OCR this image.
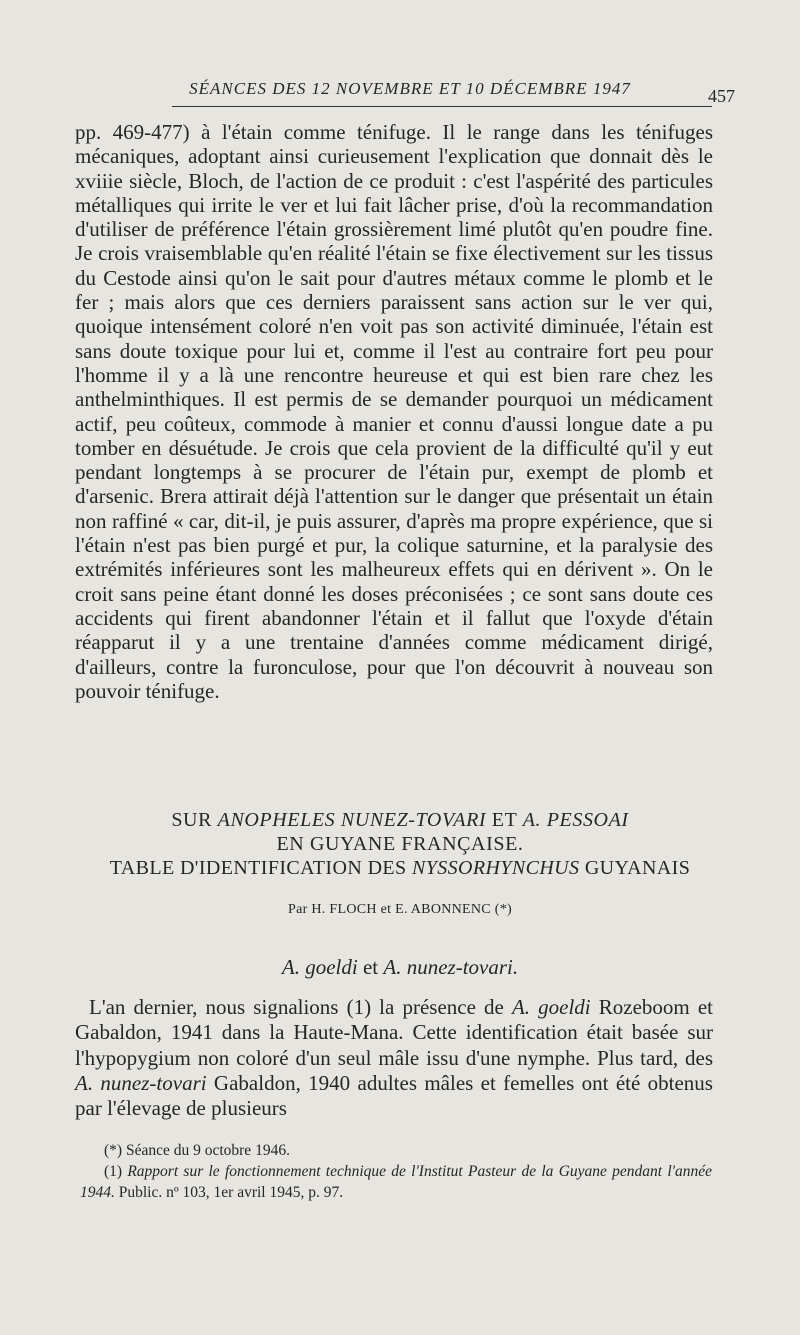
SÉANCES DES 12 NOVEMBRE ET 10 DÉCEMBRE 1947	457

pp. 469-477) à l'étain comme ténifuge. Il le range dans les ténifuges mécaniques, adoptant ainsi curieusement l'explication que donnait dès le xviiie siècle, Bloch, de l'action de ce produit : c'est l'aspérité des particules métalliques qui irrite le ver et lui fait lâcher prise, d'où la recommandation d'utiliser de préférence l'étain grossièrement limé plutôt qu'en poudre fine. Je crois vraisemblable qu'en réalité l'étain se fixe électivement sur les tissus du Cestode ainsi qu'on le sait pour d'autres métaux comme le plomb et le fer ; mais alors que ces derniers paraissent sans action sur le ver qui, quoique intensément coloré n'en voit pas son activité diminuée, l'étain est sans doute toxique pour lui et, comme il l'est au contraire fort peu pour l'homme il y a là une rencontre heureuse et qui est bien rare chez les anthelminthiques. Il est permis de se demander pourquoi un médicament actif, peu coûteux, commode à manier et connu d'aussi longue date a pu tomber en désuétude. Je crois que cela provient de la difficulté qu'il y eut pendant longtemps à se procurer de l'étain pur, exempt de plomb et d'arsenic. Brera attirait déjà l'attention sur le danger que présentait un étain non raffiné « car, dit-il, je puis assurer, d'après ma propre expérience, que si l'étain n'est pas bien purgé et pur, la colique saturnine, et la paralysie des extrémités inférieures sont les malheureux effets qui en dérivent ». On le croit sans peine étant donné les doses préconisées ; ce sont sans doute ces accidents qui firent abandonner l'étain et il fallut que l'oxyde d'étain réapparut il y a une trentaine d'années comme médicament dirigé, d'ailleurs, contre la furonculose, pour que l'on découvrit à nouveau son pouvoir ténifuge.

SUR ANOPHELES NUNEZ-TOVARI ET A. PESSOAI

EN GUYANE FRANÇAISE.

TABLE D'IDENTIFICATION DES NYSSORHYNCHUS GUYANAIS

Par H. FLOCH et E. ABONNENC (*)
A. goeldi et A. nunez-tovari.

L'an dernier, nous signalions (1) la présence de A. goeldi Rozeboom et Gabaldon, 1941 dans la Haute-Mana. Cette identification était basée sur l'hypopygium non coloré d'un seul mâle issu d'une nymphe. Plus tard, des A. nunez-tovari Gabaldon, 1940 adultes mâles et femelles ont été obtenus par l'élevage de plusieurs

(*) Séance du 9 octobre 1946.

(1) Rapport sur le fonctionnement technique de l'Institut Pasteur de la Guyane pendant l'année 1944. Public. nº 103, 1er avril 1945, p. 97.
